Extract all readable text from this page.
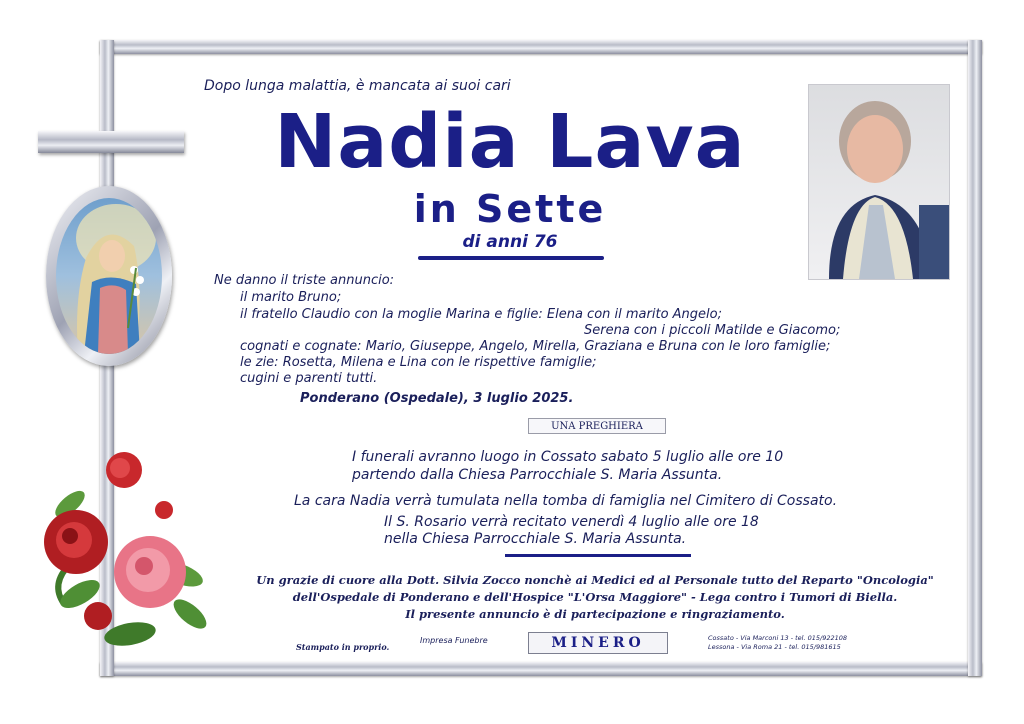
Dopo lunga malattia, è mancata ai suoi cari
Nadia Lava
in Sette
di anni 76
Ne danno il triste annuncio:
il marito Bruno;
il fratello Claudio con la moglie Marina e figlie: Elena con il marito Angelo;
Serena con i piccoli Matilde e Giacomo;
cognati e cognate: Mario, Giuseppe, Angelo, Mirella, Graziana e Bruna con le loro famiglie;
le zie: Rosetta, Milena e Lina con le rispettive famiglie;
cugini e parenti tutti.
Ponderano (Ospedale), 3 luglio 2025.
UNA PREGHIERA
I funerali avranno luogo in Cossato sabato 5 luglio alle ore 10
partendo dalla Chiesa Parrocchiale S. Maria Assunta.
La cara Nadia verrà tumulata nella tomba di famiglia nel Cimitero di Cossato.
Il S. Rosario verrà recitato venerdì 4 luglio alle ore 18
nella Chiesa Parrocchiale S. Maria Assunta.
Un grazie di cuore alla Dott. Silvia Zocco nonchè ai Medici ed al Personale tutto del Reparto "Oncologia"
dell'Ospedale di Ponderano e dell'Hospice "L'Orsa Maggiore" - Lega contro i Tumori di Biella.
Il presente annuncio è di partecipazione e ringraziamento.
Stampato in proprio.
Impresa Funebre	MINERO	Cossato - Via Marconi 13 - tel. 015/922108
Lessona - Via Roma 21 - tel. 015/981615
